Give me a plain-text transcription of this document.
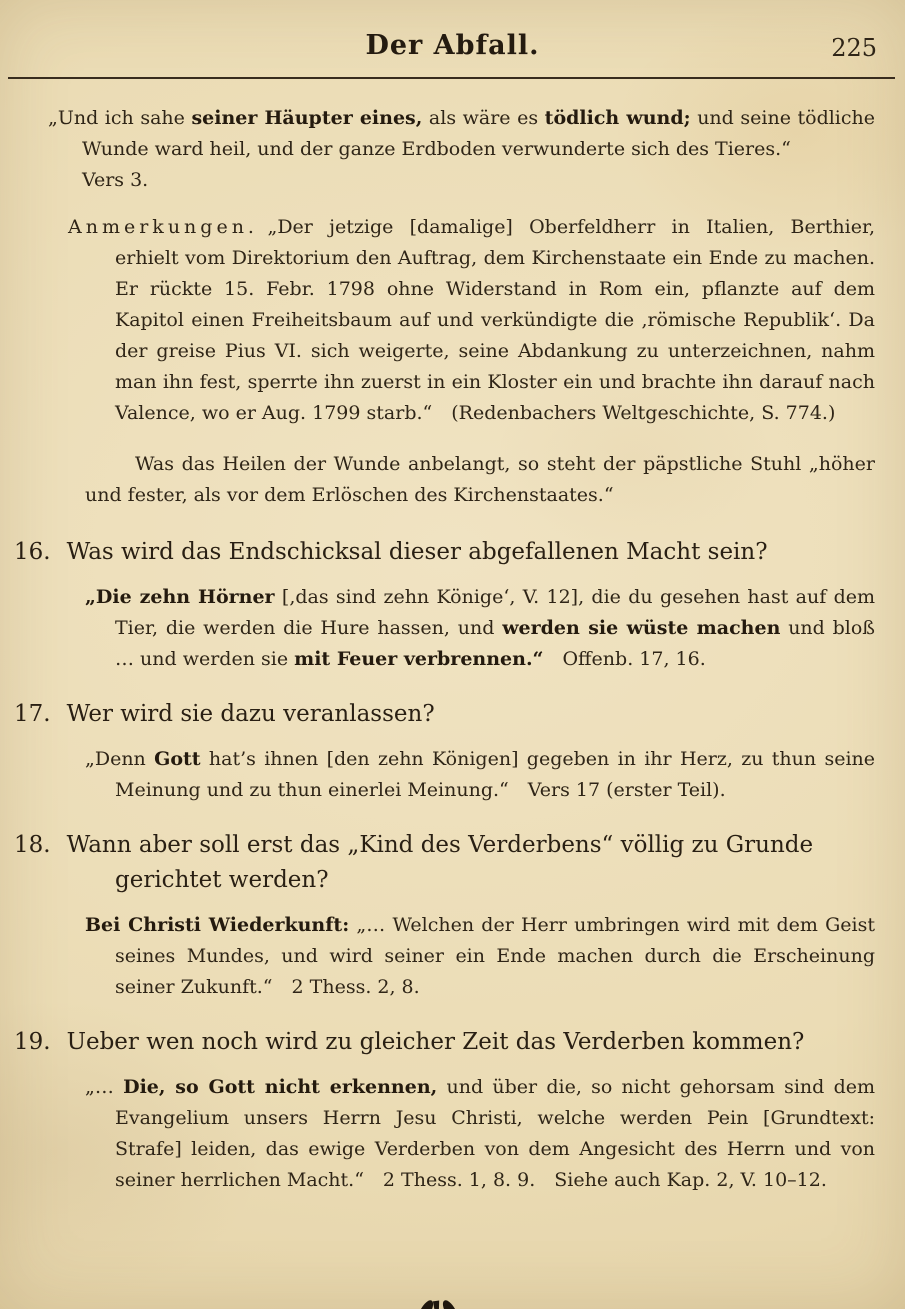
Der Abfall.	225

„Und ich sahe seiner Häupter eines, als wäre es tödlich wund; und seine tödliche Wunde ward heil, und der ganze Erdboden verwunderte sich des Tieres.“

Vers 3.

Anmerkungen. „Der jetzige [damalige] Oberfeldherr in Italien, Berthier, erhielt vom Direktorium den Auftrag, dem Kirchenstaate ein Ende zu machen. Er rückte 15. Febr. 1798 ohne Widerstand in Rom ein, pflanzte auf dem Kapitol einen Freiheitsbaum auf und verkündigte die ‚römische Republik‘. Da der greise Pius VI. sich weigerte, seine Abdankung zu unterzeichnen, nahm man ihn fest, sperrte ihn zuerst in ein Kloster ein und brachte ihn darauf nach Valence, wo er Aug. 1799 starb.“  (Redenbachers Weltgeschichte, S. 774.)

Was das Heilen der Wunde anbelangt, so steht der päpstliche Stuhl „höher und fester, als vor dem Erlöschen des Kirchenstaates.“

16. Was wird das Endschicksal dieser abgefallenen Macht sein?

„Die zehn Hörner [‚das sind zehn Könige‘, V. 12], die du gesehen hast auf dem Tier, die werden die Hure hassen, und werden sie wüste machen und bloß … und werden sie mit Feuer verbrennen.“  Offenb. 17, 16.

17. Wer wird sie dazu veranlassen?

„Denn Gott hat’s ihnen [den zehn Königen] gegeben in ihr Herz, zu thun seine Meinung und zu thun einerlei Meinung.“  Vers 17 (erster Teil).

18. Wann aber soll erst das „Kind des Verderbens“ völlig zu Grunde gerichtet werden?

Bei Christi Wiederkunft: „… Welchen der Herr umbringen wird mit dem Geist seines Mundes, und wird seiner ein Ende machen durch die Erscheinung seiner Zukunft.“  2 Thess. 2, 8.

19. Ueber wen noch wird zu gleicher Zeit das Verderben kommen?

„… Die, so Gott nicht erkennen, und über die, so nicht gehorsam sind dem Evangelium unsers Herrn Jesu Christi, welche werden Pein [Grundtext: Strafe] leiden, das ewige Verderben von dem Angesicht des Herrn und von seiner herrlichen Macht.“  2 Thess. 1, 8. 9.  Siehe auch Kap. 2, V. 10–12.
